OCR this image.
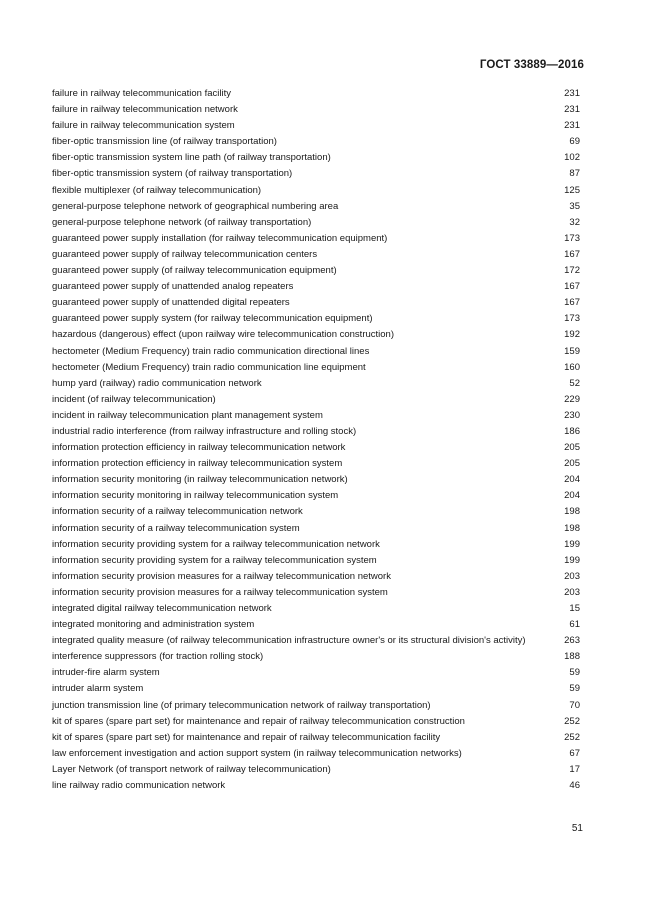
ГОСТ 33889—2016
failure in railway telecommunication facility	231
failure in railway telecommunication network	231
failure in railway telecommunication system	231
fiber-optic transmission line (of railway transportation)	69
fiber-optic transmission system line path (of railway transportation)	102
fiber-optic transmission system (of railway transportation)	87
flexible multiplexer (of railway telecommunication)	125
general-purpose telephone network of geographical numbering area	35
general-purpose telephone network (of railway transportation)	32
guaranteed power supply installation (for railway telecommunication equipment)	173
guaranteed power supply of railway telecommunication centers	167
guaranteed power supply (of railway telecommunication equipment)	172
guaranteed power supply of unattended analog repeaters	167
guaranteed power supply of unattended digital repeaters	167
guaranteed power supply system (for railway telecommunication equipment)	173
hazardous (dangerous) effect (upon railway wire telecommunication construction)	192
hectometer (Medium Frequency) train radio communication directional lines	159
hectometer (Medium Frequency) train radio communication line equipment	160
hump yard (railway) radio communication network	52
incident (of railway telecommunication)	229
incident in railway telecommunication plant management system	230
industrial radio interference (from railway infrastructure and rolling stock)	186
information protection efficiency in railway telecommunication network	205
information protection efficiency in railway telecommunication system	205
information security monitoring (in railway telecommunication network)	204
information security monitoring in railway telecommunication system	204
information security of a railway telecommunication network	198
information security of a railway telecommunication system	198
information security providing system for a railway telecommunication network	199
information security providing system for a railway telecommunication system	199
information security provision measures for a railway telecommunication network	203
information security provision measures for a railway telecommunication system	203
integrated digital railway telecommunication network	15
integrated monitoring and administration system	61
integrated quality measure (of railway telecommunication infrastructure owner's or its structural division's activity)	263
interference suppressors (for traction rolling stock)	188
intruder-fire alarm system	59
intruder alarm system	59
junction transmission line (of primary telecommunication network of railway transportation)	70
kit of spares (spare part set) for maintenance and repair of railway telecommunication construction	252
kit of spares (spare part set) for maintenance and repair of railway telecommunication facility	252
law enforcement investigation and action support system (in railway telecommunication networks)	67
Layer Network (of transport network of railway telecommunication)	17
line railway radio communication network	46
51
